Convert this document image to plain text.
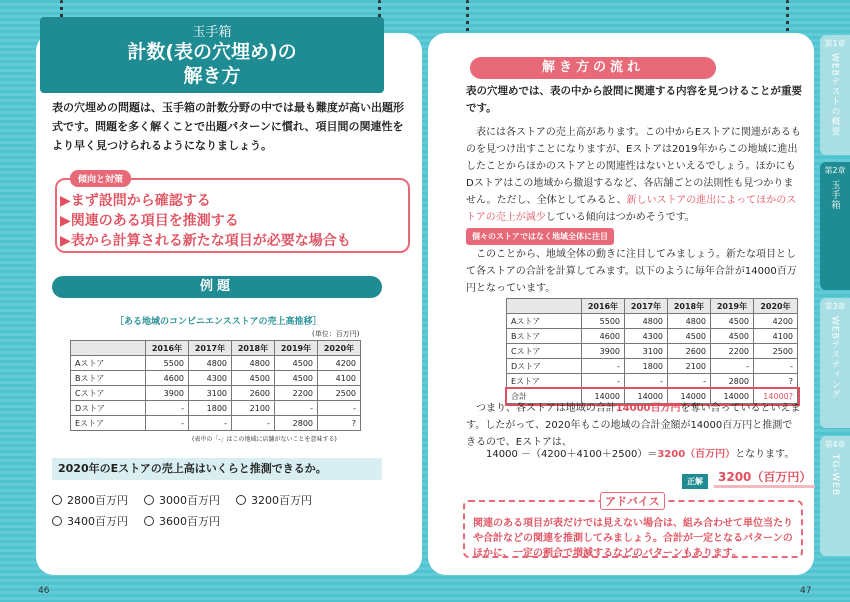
玉手箱
計数(表の穴埋め)の
解き方
表の穴埋めの問題は、玉手箱の計数分野の中では最も難度が高い出題形式です。問題を多く解くことで出題パターンに慣れ、項目間の関連性をより早く見つけられるようになりましょう。
傾向と対策
▶まず設問から確認する
▶関連のある項目を推測する
▶表から計算される新たな項目が必要な場合も
例題
［ある地域のコンビニエンスストアの売上高推移］
(単位：百万円)
	2016年	2017年	2018年	2019年	2020年
Aストア	5500	4800	4800	4500	4200
Bストア	4600	4300	4500	4500	4100
Cストア	3900	3100	2600	2200	2500
Dストア	-	1800	2100	-	-
Eストア	-	-	-	2800	?
(表中の「-」はこの地域に店舗がないことを意味する)
2020年のEストアの売上高はいくらと推測できるか。
2800百万円	3000百万円	3200百万円
3400百万円	3600百万円
46
解き方の流れ
表の穴埋めでは、表の中から設問に関連する内容を見つけることが重要です。
表には各ストアの売上高があります。この中からEストアに関連があるものを見つけ出すことになりますが、Eストアは2019年からこの地域に進出したことからほかのストアとの関連性はないといえるでしょう。ほかにもDストアはこの地域から撤退するなど、各店舗ごとの法則性も見つかりません。ただし、全体としてみると、新しいストアの進出によってほかのストアの売上が減少している傾向はつかめそうです。
個々のストアではなく地域全体に注目
このことから、地域全体の動きに注目してみましょう。新たな項目として各ストアの合計を計算してみます。以下のように毎年合計が14000百万円となっています。
	2016年	2017年	2018年	2019年	2020年
Aストア	5500	4800	4800	4500	4200
Bストア	4600	4300	4500	4500	4100
Cストア	3900	3100	2600	2200	2500
Dストア	-	1800	2100	-	-
Eストア	-	-	-	2800	?
合計	14000	14000	14000	14000	14000?
つまり、各ストアは地域の合計14000百万円を奪い合っているといえます。したがって、2020年もこの地域の合計金額が14000百万円と推測できるので、Eストアは、
14000 －（4200＋4100＋2500）＝3200（百万円）となります。
正解	3200（百万円）
関連のある項目が表だけでは見えない場合は、組み合わせて単位当たりや合計などの関連を推測してみましょう。合計が一定となるパターンのほかに、一定の割合で増減するなどのパターンもあります。
アドバイス
47
第1章
WEBテストの概要
第2章
玉手箱
第3章
WEBテスティング
第4章
TG-WEB
